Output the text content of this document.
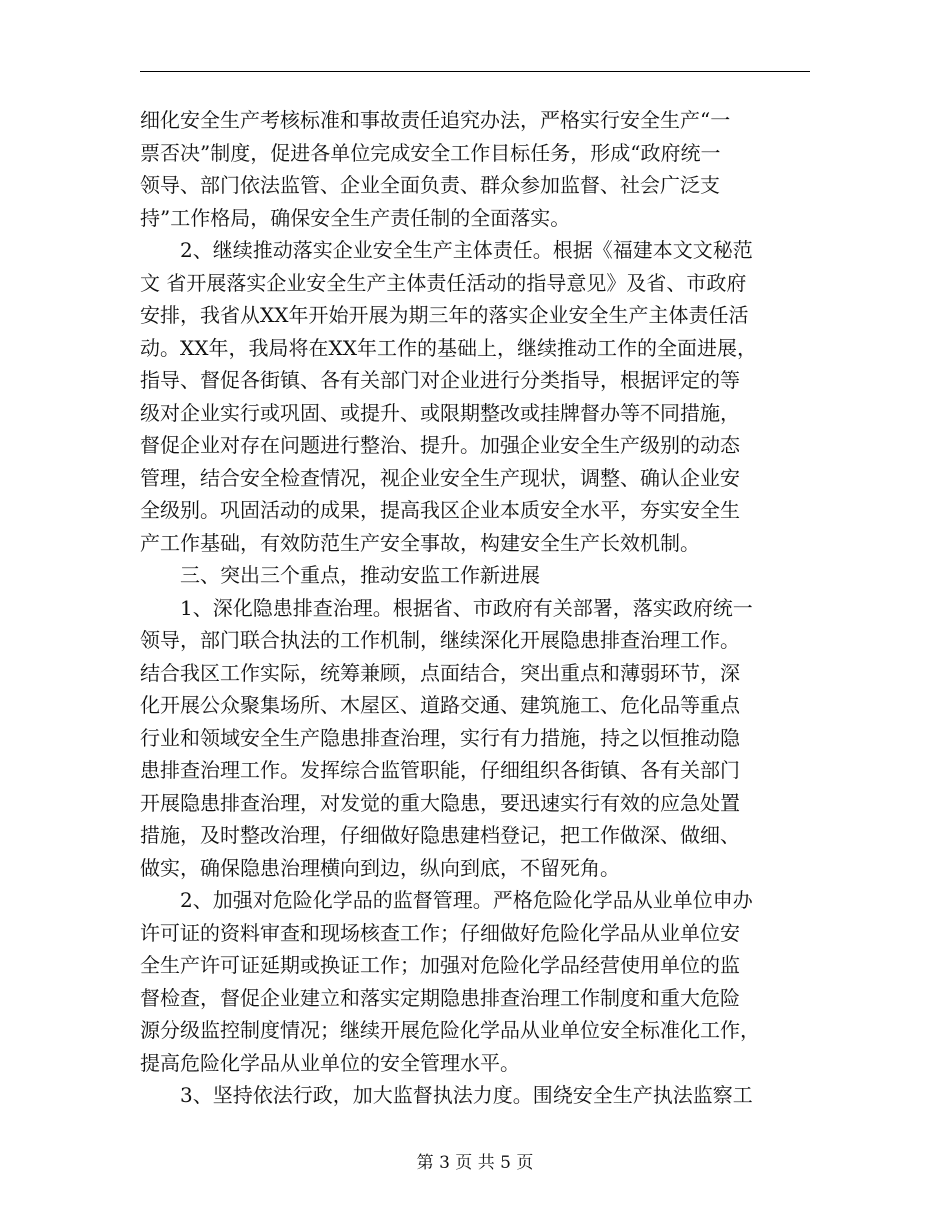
细化安全生产考核标准和事故责任追究办法，严格实行安全生产“一
票否决”制度，促进各单位完成安全工作目标任务，形成“政府统一
领导、部门依法监管、企业全面负责、群众参加监督、社会广泛支
持”工作格局，确保安全生产责任制的全面落实。
　　2、继续推动落实企业安全生产主体责任。根据《福建本文文秘范
文 省开展落实企业安全生产主体责任活动的指导意见》及省、市政府
安排，我省从XX年开始开展为期三年的落实企业安全生产主体责任活
动。XX年，我局将在XX年工作的基础上，继续推动工作的全面进展，
指导、督促各街镇、各有关部门对企业进行分类指导，根据评定的等
级对企业实行或巩固、或提升、或限期整改或挂牌督办等不同措施，
督促企业对存在问题进行整治、提升。加强企业安全生产级别的动态
管理，结合安全检查情况，视企业安全生产现状，调整、确认企业安
全级别。巩固活动的成果，提高我区企业本质安全水平，夯实安全生
产工作基础，有效防范生产安全事故，构建安全生产长效机制。
　　三、突出三个重点，推动安监工作新进展
　　1、深化隐患排查治理。根据省、市政府有关部署，落实政府统一
领导，部门联合执法的工作机制，继续深化开展隐患排查治理工作。
结合我区工作实际，统筹兼顾，点面结合，突出重点和薄弱环节，深
化开展公众聚集场所、木屋区、道路交通、建筑施工、危化品等重点
行业和领域安全生产隐患排查治理，实行有力措施，持之以恒推动隐
患排查治理工作。发挥综合监管职能，仔细组织各街镇、各有关部门
开展隐患排查治理，对发觉的重大隐患，要迅速实行有效的应急处置
措施，及时整改治理，仔细做好隐患建档登记，把工作做深、做细、
做实，确保隐患治理横向到边，纵向到底，不留死角。
　　2、加强对危险化学品的监督管理。严格危险化学品从业单位申办
许可证的资料审查和现场核查工作；仔细做好危险化学品从业单位安
全生产许可证延期或换证工作；加强对危险化学品经营使用单位的监
督检查，督促企业建立和落实定期隐患排查治理工作制度和重大危险
源分级监控制度情况；继续开展危险化学品从业单位安全标准化工作，
提高危险化学品从业单位的安全管理水平。
　　3、坚持依法行政，加大监督执法力度。围绕安全生产执法监察工
第 3 页 共 5 页
